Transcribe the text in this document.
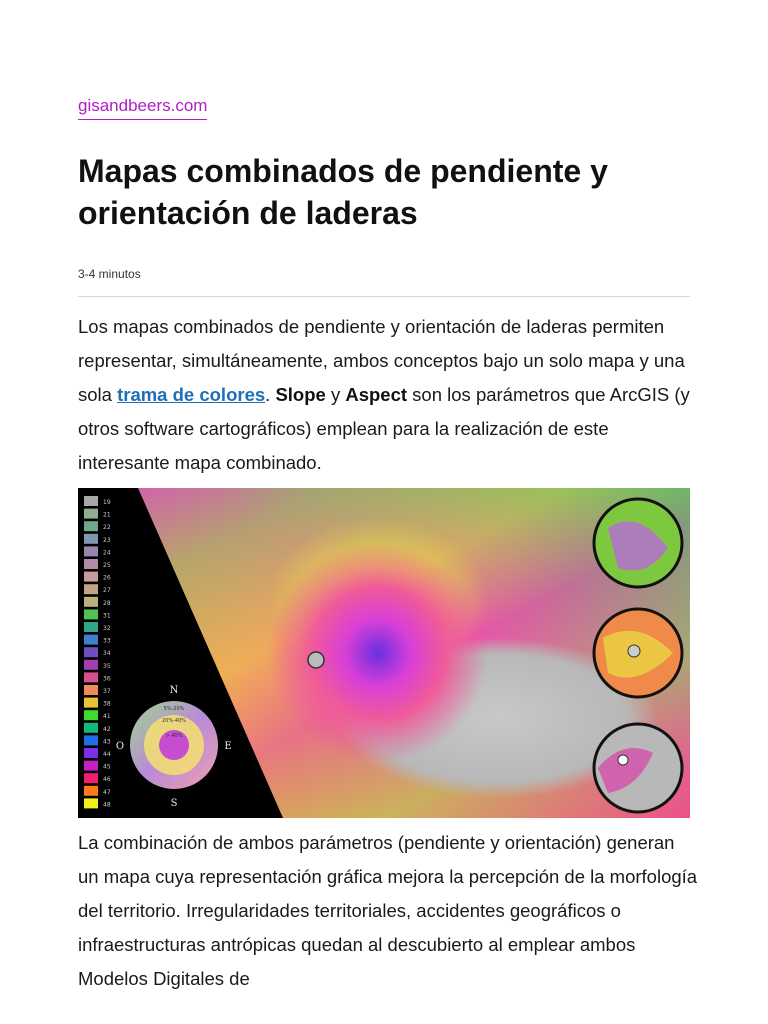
gisandbeers.com
Mapas combinados de pendiente y orientación de laderas
3-4 minutos

Los mapas combinados de pendiente y orientación de laderas permiten representar, simultáneamente, ambos conceptos bajo un solo mapa y una sola trama de colores. Slope y Aspect son los parámetros que ArcGIS (y otros software cartográficos) emplean para la realización de este interesante mapa combinado.

19
21
22
23
24
25
26
27
28
31
32
33
34
35
36
37
38
41
42
43
44
45
46
47
48
N
S
E
O
5%-20%
20%-40%
> 40%

La combinación de ambos parámetros (pendiente y orientación) generan un mapa cuya representación gráfica mejora la percepción de la morfología del territorio. Irregularidades territoriales, accidentes geográficos o infraestructuras antrópicas quedan al descubierto al emplear ambos Modelos Digitales de
